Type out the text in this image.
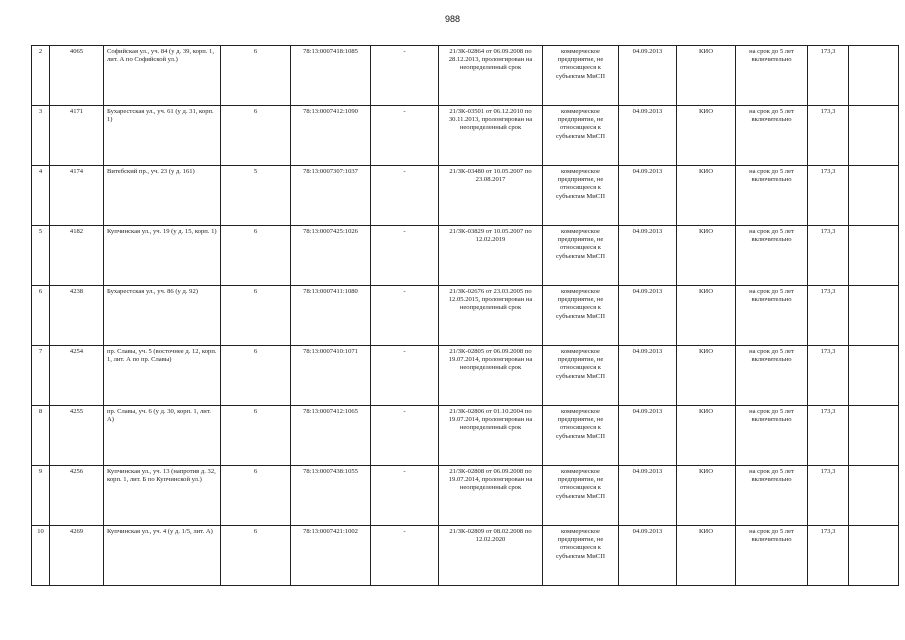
988
2	4065	Софийская ул., уч. 84 (у д. 39, корп. 1, лит. А по Софийской ул.)	6	78:13:0007418:1085	-	21/ЗК-02864 от 06.09.2008 по 28.12.2013, пролонгирован на неопределенный срок	коммерческое предприятие, не относящееся к субъектам МиСП	04.09.2013	КИО	на срок до 5 лет включительно	173,3	
3	4171	Бухарестская ул., уч. 61 (у д. 31, корп. 1)	6	78:13:0007412:1090	-	21/ЗК-03501 от 06.12.2010 по 30.11.2013, пролонгирован на неопределенный срок	коммерческое предприятие, не относящееся к субъектам МиСП	04.09.2013	КИО	на срок до 5 лет включительно	173,3	
4	4174	Витебский пр., уч. 23 (у д. 161)	5	78:13:0007307:1037	-	21/ЗК-03480 от 10.05.2007 по 23.08.2017	коммерческое предприятие, не относящееся к субъектам МиСП	04.09.2013	КИО	на срок до 5 лет включительно	173,3	
5	4182	Купчинская ул., уч. 19 (у д. 15, корп. 1)	6	78:13:0007425:1026	-	21/ЗК-03829 от 10.05.2007 по 12.02.2019	коммерческое предприятие, не относящееся к субъектам МиСП	04.09.2013	КИО	на срок до 5 лет включительно	173,3	
6	4238	Бухарестская ул., уч. 86 (у д. 92)	6	78:13:0007411:1080	-	21/ЗК-02676 от 23.03.2005 по 12.05.2015, пролонгирован на неопределенный срок	коммерческое предприятие, не относящееся к субъектам МиСП	04.09.2013	КИО	на срок до 5 лет включительно	173,3	
7	4254	пр. Славы, уч. 5 (восточнее д. 12, корп. 1, лит. А по пр. Славы)	6	78:13:0007410:1071	-	21/ЗК-02805 от 06.09.2008 по 19.07.2014, пролонгирован на неопределенный срок	коммерческое предприятие, не относящееся к субъектам МиСП	04.09.2013	КИО	на срок до 5 лет включительно	173,3	
8	4255	пр. Славы, уч. 6 (у д. 30, корп. 1, лит. А)	6	78:13:0007412:1065	-	21/ЗК-02806 от 01.10.2004 по 19.07.2014, пролонгирован на неопределенный срок	коммерческое предприятие, не относящееся к субъектам МиСП	04.09.2013	КИО	на срок до 5 лет включительно	173,3	
9	4256	Купчинская ул., уч. 13 (напротив д. 32, корп. 1, лит. Б по Купчинской ул.)	6	78:13:0007438:1055	-	21/ЗК-02808 от 06.09.2008 по 19.07.2014, пролонгирован на неопределенный срок	коммерческое предприятие, не относящееся к субъектам МиСП	04.09.2013	КИО	на срок до 5 лет включительно	173,3	
10	4269	Купчинская ул., уч. 4 (у д. 1/5, лит. А)	6	78:13:0007421:1002	-	21/ЗК-02809 от 08.02.2008 по 12.02.2020	коммерческое предприятие, не относящееся к субъектам МиСП	04.09.2013	КИО	на срок до 5 лет включительно	173,3	
